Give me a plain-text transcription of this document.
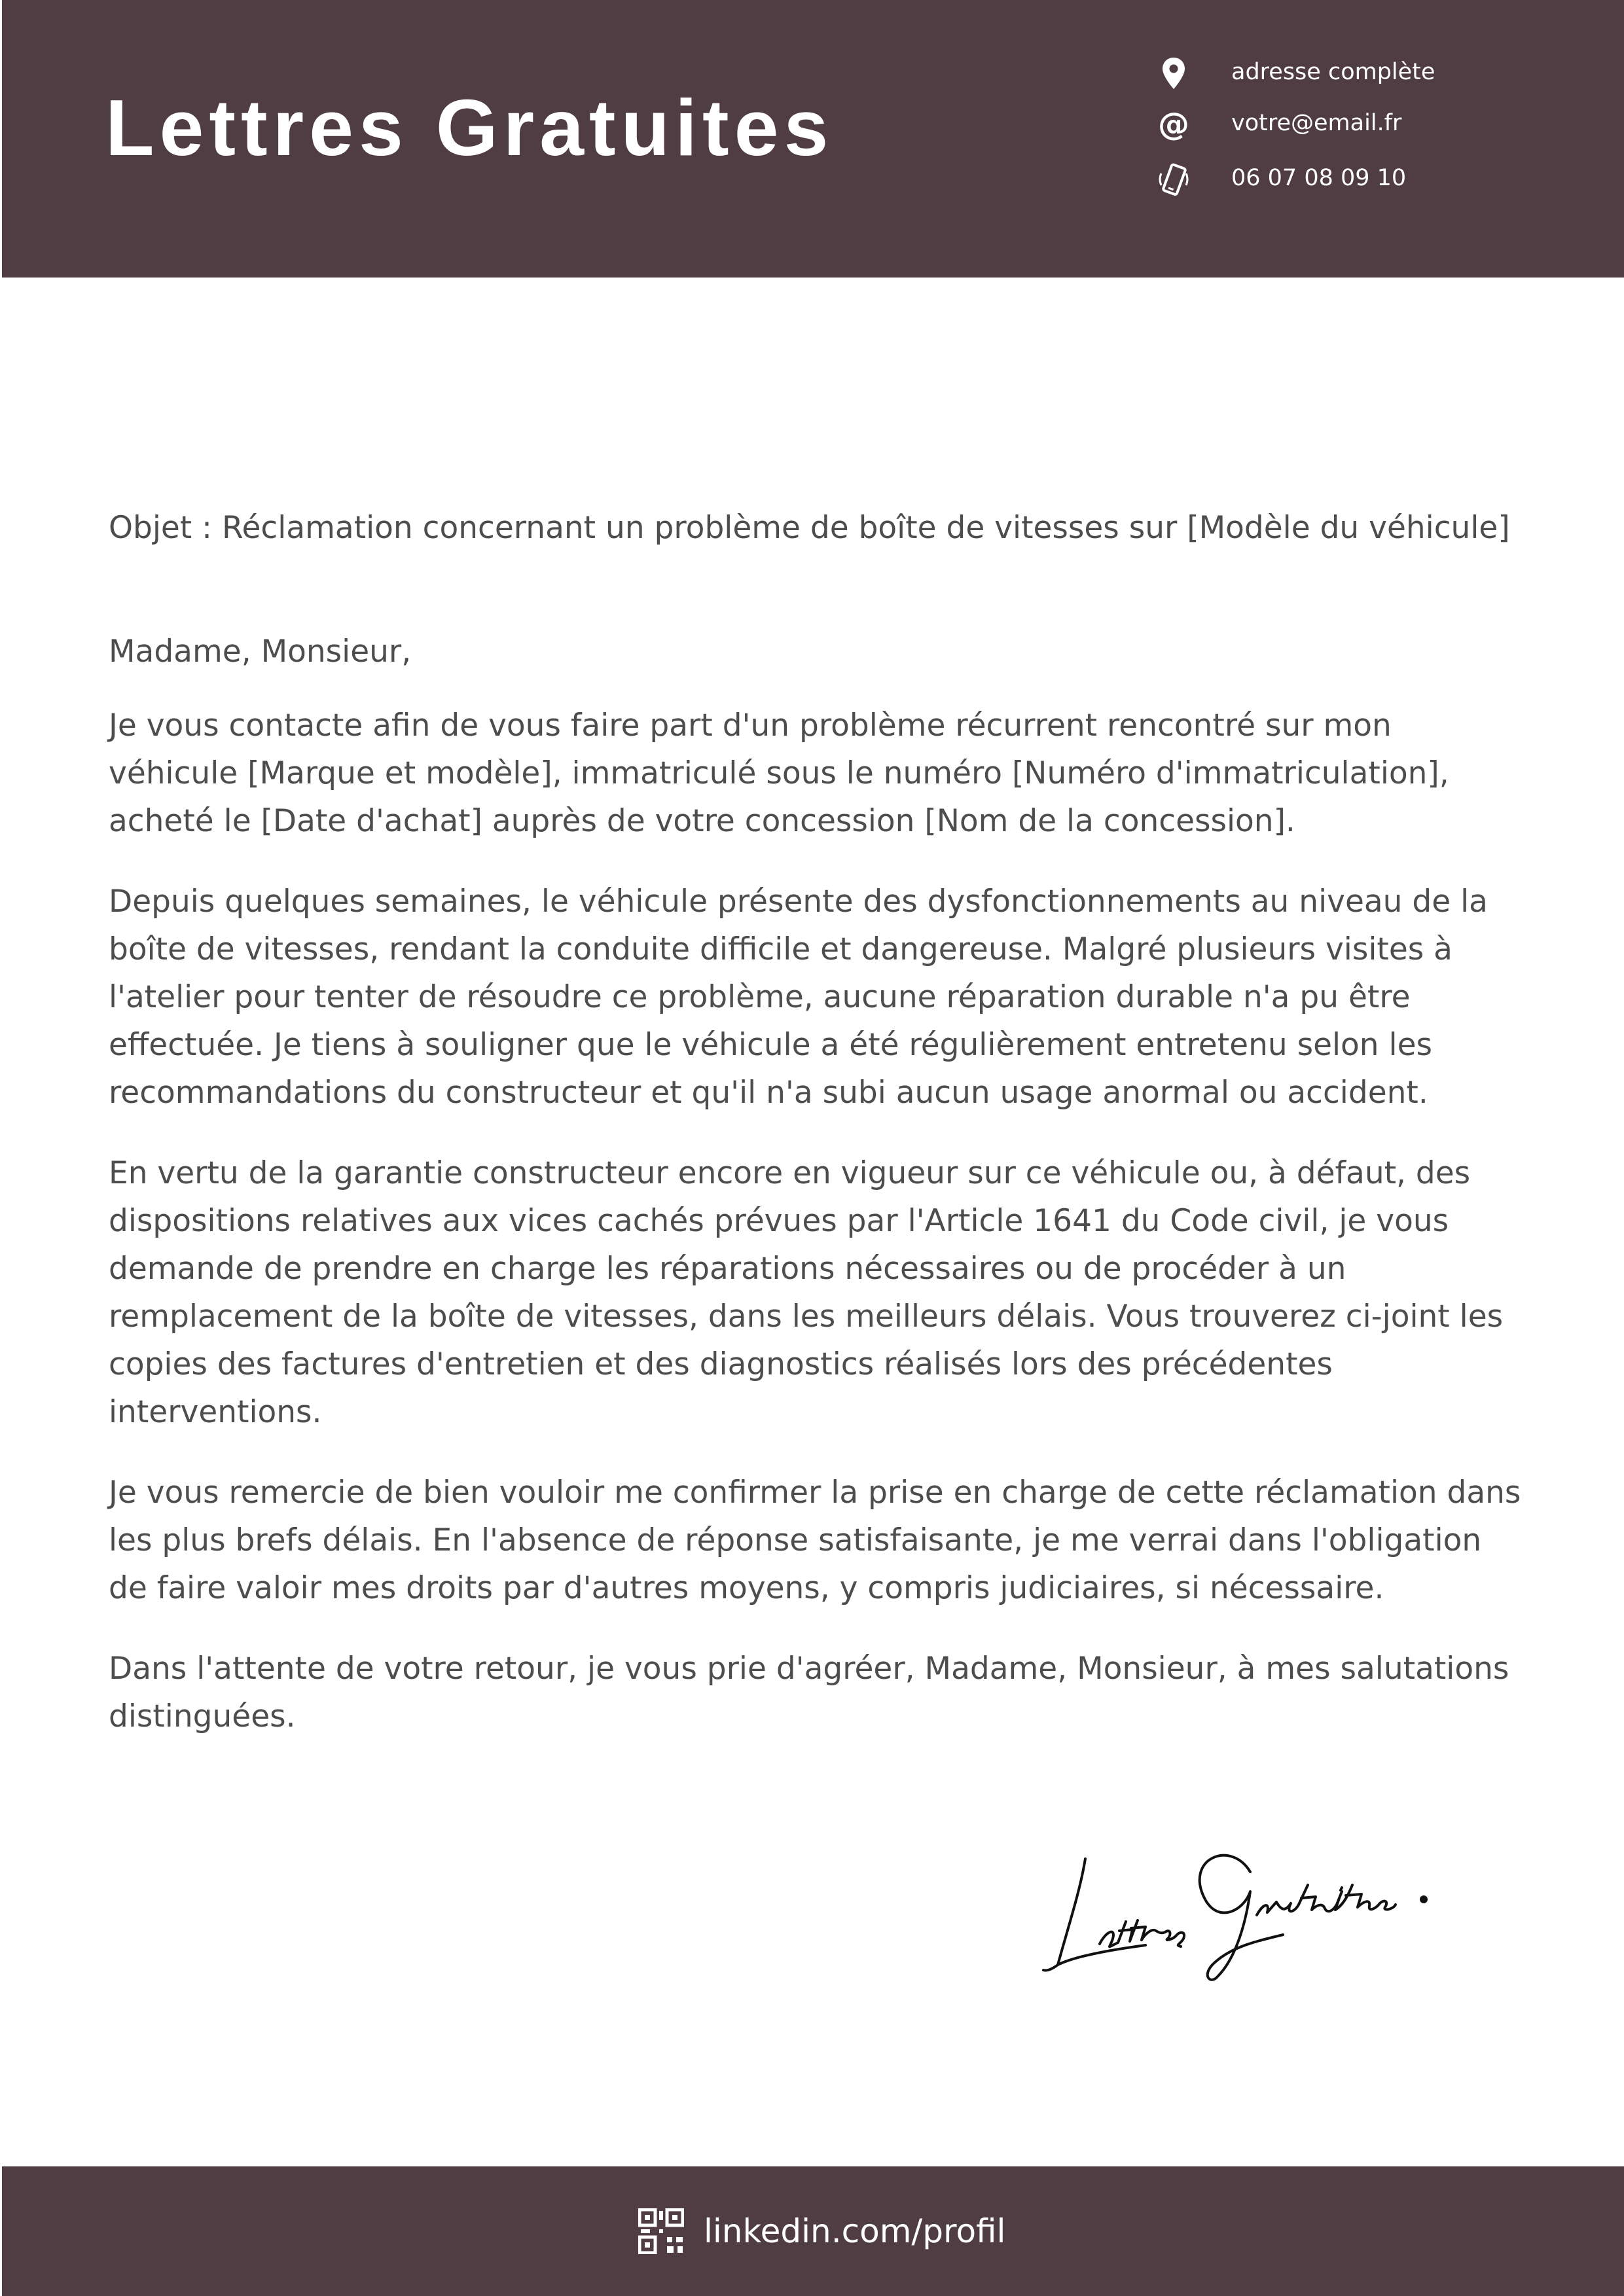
Lettres Gratuites
adresse complète
@ votre@email.fr
06 07 08 09 10

Objet : Réclamation concernant un problème de boîte de vitesses sur [Modèle du véhicule]

Madame, Monsieur,

Je vous contacte afin de vous faire part d'un problème récurrent rencontré sur mon véhicule [Marque et modèle], immatriculé sous le numéro [Numéro d'immatriculation], acheté le [Date d'achat] auprès de votre concession [Nom de la concession].

Depuis quelques semaines, le véhicule présente des dysfonctionnements au niveau de la boîte de vitesses, rendant la conduite difficile et dangereuse. Malgré plusieurs visites à l'atelier pour tenter de résoudre ce problème, aucune réparation durable n'a pu être effectuée. Je tiens à souligner que le véhicule a été régulièrement entretenu selon les recommandations du constructeur et qu'il n'a subi aucun usage anormal ou accident.

En vertu de la garantie constructeur encore en vigueur sur ce véhicule ou, à défaut, des dispositions relatives aux vices cachés prévues par l'Article 1641 du Code civil, je vous demande de prendre en charge les réparations nécessaires ou de procéder à un remplacement de la boîte de vitesses, dans les meilleurs délais. Vous trouverez ci-joint les copies des factures d'entretien et des diagnostics réalisés lors des précédentes interventions.

Je vous remercie de bien vouloir me confirmer la prise en charge de cette réclamation dans les plus brefs délais. En l'absence de réponse satisfaisante, je me verrai dans l'obligation de faire valoir mes droits par d'autres moyens, y compris judiciaires, si nécessaire.

Dans l'attente de votre retour, je vous prie d'agréer, Madame, Monsieur, à mes salutations distinguées.

linkedin.com/profil
